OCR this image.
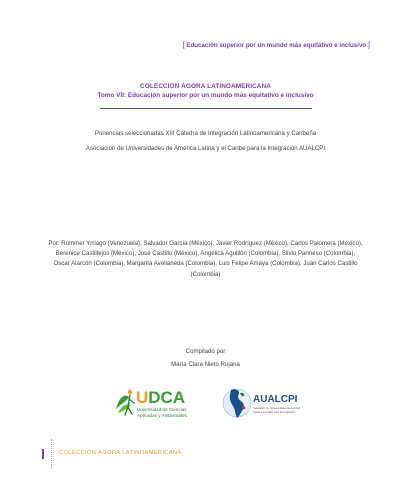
[ Educación superior por un mundo más equitativo e inclusivo ]
COLECCIÓN ÁGORA LATINOAMERICANA
Tomo VII: Educación superior por un mundo más equitativo e inclusivo
Ponencias seleccionadas XIII Cátedra de Integración Latinoamericana y Caribeña
Asociación de Universidades de América Latina y el Caribe para la Integración AUALCPI
Por: Rommer Yrriago (Venezuela), Salvador García (México), Javier Rodríguez (México), Carlos Palomera (México),
Berenice Castillejos (México), José Castillo (México), Angélica Aguillón (Colombia), Silvio Panneso (Colombia),
Oscar Alarcón (Colombia), Margarita Avellaneda (Colombia), Luis Felipe Amaya (Colombia), Juan Carlos Castillo
(Colombia)
Compilado por
María Clara Nieto Rujana
UDCA
Universidad de Ciencias
Aplicadas y Ambientales
AUALCPI
Asociación de Universidades de América
Latina y el Caribe para la Integración
COLECCIÓN ÁGORA LATINOAMERICANA
